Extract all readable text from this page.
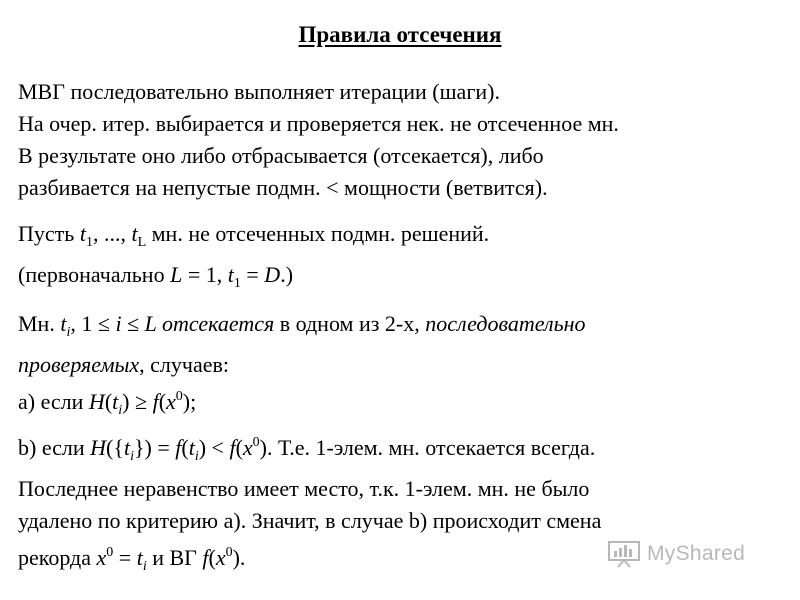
Правила отсечения
МВГ последовательно выполняет итерации (шаги).
На очер. итер. выбирается и проверяется нек. не отсеченное мн.
В результате оно либо отбрасывается (отсекается), либо
разбивается на непустые подмн. < мощности (ветвится).
Пусть $t_1$, ..., $t_L$ мн. не отсеченных подмн. решений.
(первоначально L = 1, $t_1 = D$.)
Мн. $t_i$, 1 ≤ i ≤ L отсекается в одном из 2-х, последовательно
проверяемых, случаев:
a) если $H(t_i) \ge f(x^0)$;
b) если $H(\{t_i\}) = f(t_i) < f(x^0)$. Т.е. 1-элем. мн. отсекается всегда.
Последнее неравенство имеет место, т.к. 1-элем. мн. не было
удалено по критерию а). Значит, в случае b) происходит смена
рекорда $x^0 = t_i$ и ВГ $f(x^0)$.	MyShared
